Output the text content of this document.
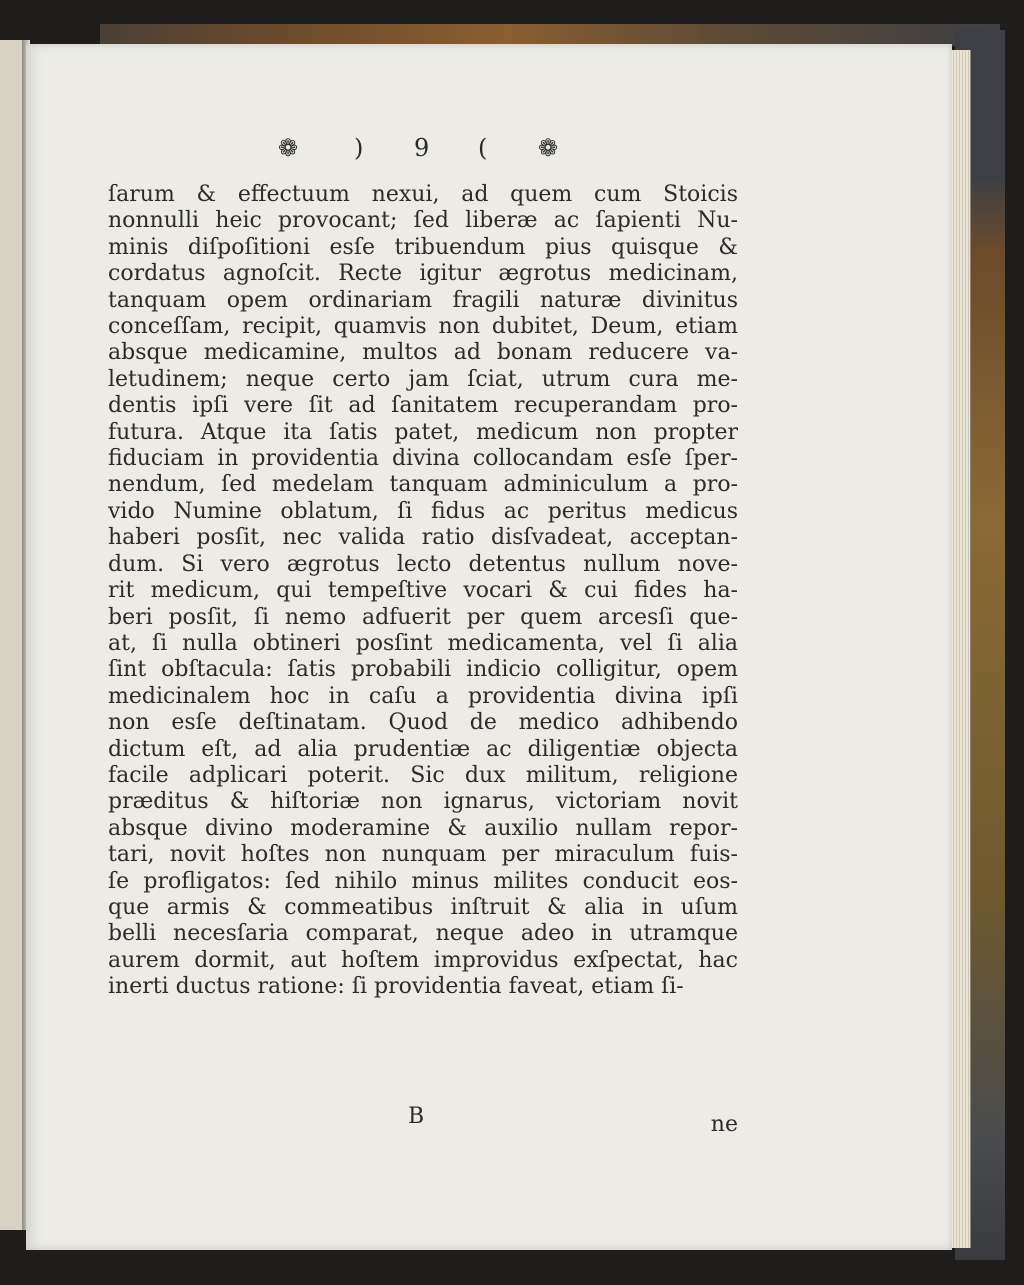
❁ ) 9 ( ❁
ſarum & effectuum nexui, ad quem cum Stoicis
nonnulli heic provocant; ſed liberæ ac ſapienti Nu-
minis diſpoſitioni esſe tribuendum pius quisque &
cordatus agnoſcit. Recte igitur ægrotus medicinam,
tanquam opem ordinariam fragili naturæ divinitus
conceſſam, recipit, quamvis non dubitet, Deum, etiam
absque medicamine, multos ad bonam reducere va-
letudinem; neque certo jam ſciat, utrum cura me-
dentis ipſi vere ſit ad ſanitatem recuperandam pro-
futura. Atque ita ſatis patet, medicum non propter
fiduciam in providentia divina collocandam esſe ſper-
nendum, ſed medelam tanquam adminiculum a pro-
vido Numine oblatum, ſi fidus ac peritus medicus
haberi posſit, nec valida ratio disſvadeat, acceptan-
dum. Si vero ægrotus lecto detentus nullum nove-
rit medicum, qui tempeſtive vocari & cui fides ha-
beri posſit, ſi nemo adfuerit per quem arcesſi que-
at, ſi nulla obtineri posſint medicamenta, vel ſi alia
ſint obſtacula: ſatis probabili indicio colligitur, opem
medicinalem hoc in caſu a providentia divina ipſi
non esſe deſtinatam. Quod de medico adhibendo
dictum eſt, ad alia prudentiæ ac diligentiæ objecta
facile adplicari poterit. Sic dux militum, religione
præditus & hiſtoriæ non ignarus, victoriam novit
absque divino moderamine & auxilio nullam repor-
tari, novit hoſtes non nunquam per miraculum fuis-
ſe profligatos: ſed nihilo minus milites conducit eos-
que armis & commeatibus inſtruit & alia in uſum
belli necesſaria comparat, neque adeo in utramque
aurem dormit, aut hoſtem improvidus exſpectat, hac
inerti ductus ratione: ſi providentia faveat, etiam ſi-
B	ne
